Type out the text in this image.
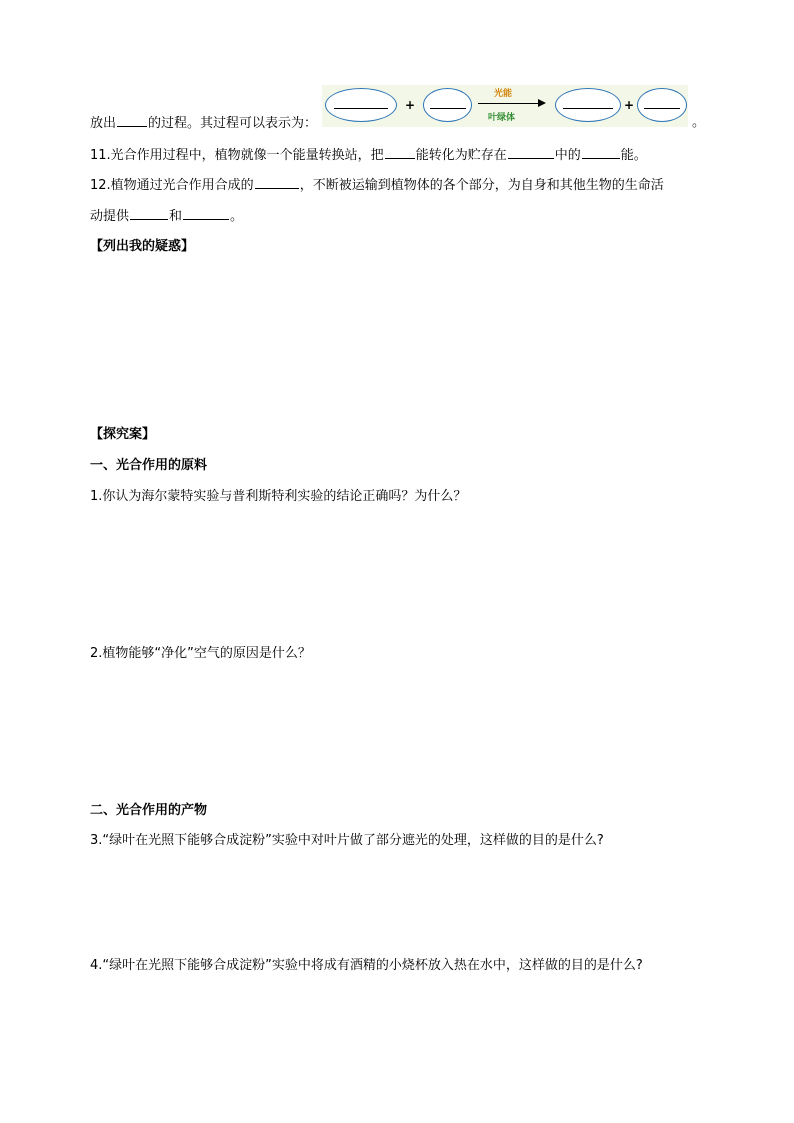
放出 的过程。其过程可以表示为：	。
+
光能
叶绿体
+
11.光合作用过程中，植物就像一个能量转换站，把 能转化为贮存在	中的	能。
12.植物通过光合作用合成的	，不断被运输到植物体的各个部分，为自身和其他生物的生命活
动提供	和	。
【列出我的疑惑】
【探究案】
一、光合作用的原料
1.你认为海尔蒙特实验与普利斯特利实验的结论正确吗？为什么？
2.植物能够“净化”空气的原因是什么？
二、光合作用的产物
3.“绿叶在光照下能够合成淀粉”实验中对叶片做了部分遮光的处理，这样做的目的是什么?
4.“绿叶在光照下能够合成淀粉”实验中将成有酒精的小烧杯放入热在水中，这样做的目的是什么?
